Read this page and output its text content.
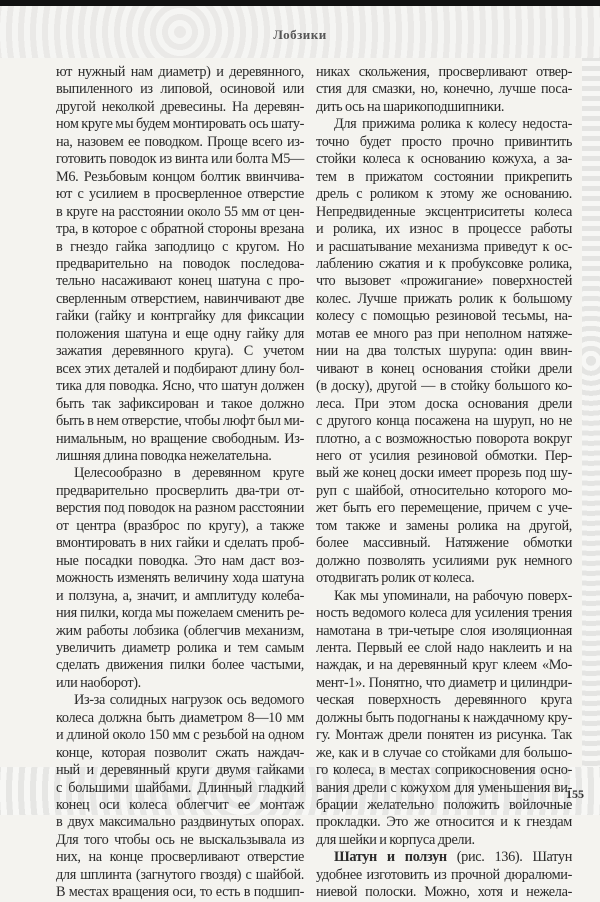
Лобзики
ют нужный нам диаметр) и деревянного,
выпиленного из липовой, осиновой или
другой неколкой древесины. На деревян-
ном круге мы будем монтировать ось шату-
на, назовем ее поводком. Проще всего из-
готовить поводок из винта или болта М5—
М6. Резьбовым концом болтик ввинчива-
ют с усилием в просверленное отверстие
в круге на расстоянии около 55 мм от цен-
тра, в которое с обратной стороны врезана
в гнездо гайка заподлицо с кругом. Но
предварительно на поводок последова-
тельно насаживают конец шатуна с про-
сверленным отверстием, навинчивают две
гайки (гайку и контргайку для фиксации
положения шатуна и еще одну гайку для
зажатия деревянного круга). С учетом
всех этих деталей и подбирают длину бол-
тика для поводка. Ясно, что шатун должен
быть так зафиксирован и такое должно
быть в нем отверстие, чтобы люфт был ми-
нимальным, но вращение свободным. Из-
лишняя длина поводка нежелательна.
Целесообразно в деревянном круге
предварительно просверлить два-три от-
верстия под поводок на разном расстоянии
от центра (вразброс по кругу), а также
вмонтировать в них гайки и сделать проб-
ные посадки поводка. Это нам даст воз-
можность изменять величину хода шатуна
и ползуна, а, значит, и амплитуду колеба-
ния пилки, когда мы пожелаем сменить ре-
жим работы лобзика (облегчив механизм,
увеличить диаметр ролика и тем самым
сделать движения пилки более частыми,
или наоборот).
Из-за солидных нагрузок ось ведомого
колеса должна быть диаметром 8—10 мм
и длиной около 150 мм с резьбой на одном
конце, которая позволит сжать наждач-
ный и деревянный круги двумя гайками
с большими шайбами. Длинный гладкий
конец оси колеса облегчит ее монтаж
в двух максимально раздвинутых опорах.
Для того чтобы ось не выскальзывала из
них, на конце просверливают отверстие
для шплинта (загнутого гвоздя) с шайбой.
В местах вращения оси, то есть в подшип-
никах скольжения, просверливают отвер-
стия для смазки, но, конечно, лучше поса-
дить ось на шарикоподшипники.
Для прижима ролика к колесу недоста-
точно будет просто прочно привинтить
стойки колеса к основанию кожуха, а за-
тем в прижатом состоянии прикрепить
дрель с роликом к этому же основанию.
Непредвиденные эксцентриситеты колеса
и ролика, их износ в процессе работы
и расшатывание механизма приведут к ос-
лаблению сжатия и к пробуксовке ролика,
что вызовет «прожигание» поверхностей
колес. Лучше прижать ролик к большому
колесу с помощью резиновой тесьмы, на-
мотав ее много раз при неполном натяже-
нии на два толстых шурупа: один ввин-
чивают в конец основания стойки дрели
(в доску), другой — в стойку большого ко-
леса. При этом доска основания дрели
с другого конца посажена на шуруп, но не
плотно, а с возможностью поворота вокруг
него от усилия резиновой обмотки. Пер-
вый же конец доски имеет прорезь под шу-
руп с шайбой, относительно которого мо-
жет быть его перемещение, причем с уче-
том также и замены ролика на другой,
более массивный. Натяжение обмотки
должно позволять усилиями рук немного
отодвигать ролик от колеса.
Как мы упоминали, на рабочую поверх-
ность ведомого колеса для усиления трения
намотана в три-четыре слоя изоляционная
лента. Первый ее слой надо наклеить и на
наждак, и на деревянный круг клеем «Мо-
мент-1». Понятно, что диаметр и цилиндри-
ческая поверхность деревянного круга
должны быть подогнаны к наждачному кру-
гу. Монтаж дрели понятен из рисунка. Так
же, как и в случае со стойками для большо-
го колеса, в местах соприкосновения осно-
вания дрели с кожухом для уменьшения ви-
брации желательно положить войлочные
прокладки. Это же относится и к гнездам
для шейки и корпуса дрели.
Шатун и ползун (рис. 136). Шатун
удобнее изготовить из прочной дюралюми-
ниевой полоски. Можно, хотя и нежела-
155
